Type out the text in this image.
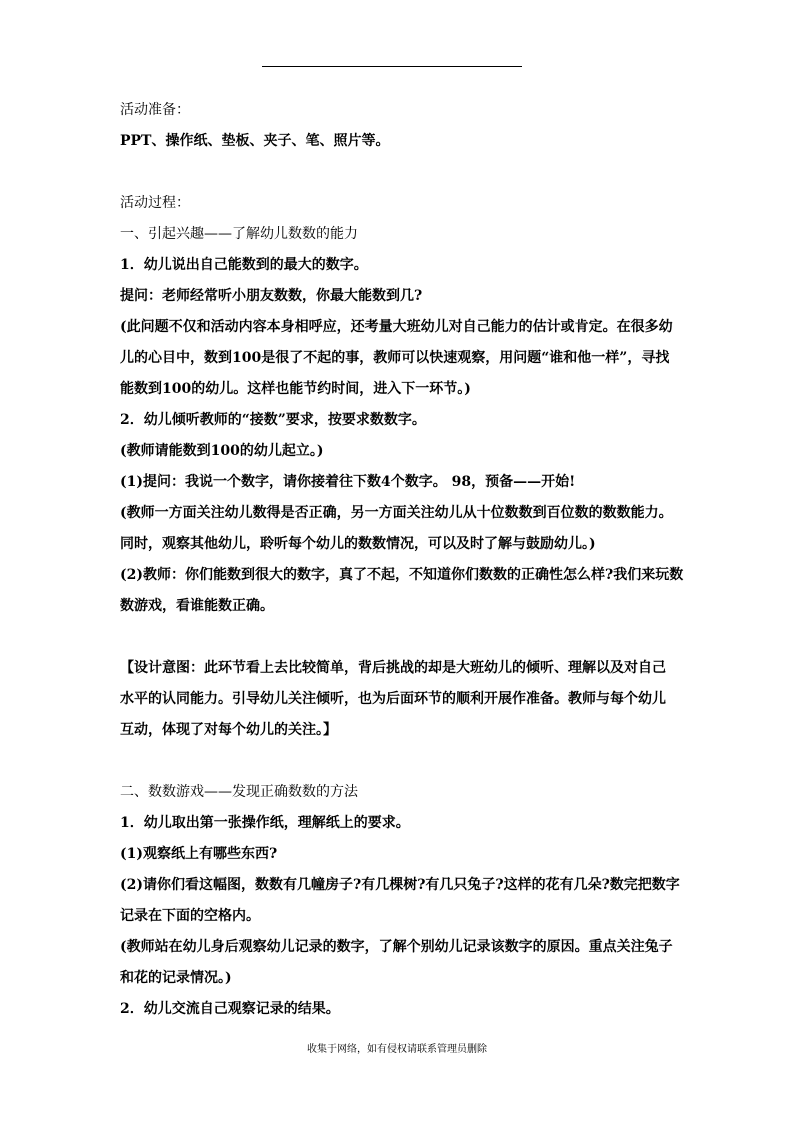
活动准备：
PPT、操作纸、垫板、夹子、笔、照片等。
活动过程：
一、引起兴趣——了解幼儿数数的能力
1．幼儿说出自己能数到的最大的数字。
提问：老师经常听小朋友数数，你最大能数到几?
(此问题不仅和活动内容本身相呼应，还考量大班幼儿对自己能力的估计或肯定。在很多幼
儿的心目中，数到100是很了不起的事，教师可以快速观察，用问题“谁和他一样”，寻找
能数到100的幼儿。这样也能节约时间，进入下一环节。)
2．幼儿倾听教师的“接数”要求，按要求数数字。
(教师请能数到100的幼儿起立。)
(1)提问：我说一个数字，请你接着往下数4个数字。 98，预备——开始!
(教师一方面关注幼儿数得是否正确，另一方面关注幼儿从十位数数到百位数的数数能力。
同时，观察其他幼儿，聆听每个幼儿的数数情况，可以及时了解与鼓励幼儿。)
(2)教师：你们能数到很大的数字，真了不起，不知道你们数数的正确性怎么样?我们来玩数
数游戏，看谁能数正确。
【设计意图：此环节看上去比较简单，背后挑战的却是大班幼儿的倾听、理解以及对自己
水平的认同能力。引导幼儿关注倾听，也为后面环节的顺利开展作准备。教师与每个幼儿
互动，体现了对每个幼儿的关注。】
二、数数游戏——发现正确数数的方法
1．幼儿取出第一张操作纸，理解纸上的要求。
(1)观察纸上有哪些东西?
(2)请你们看这幅图，数数有几幢房子?有几棵树?有几只兔子?这样的花有几朵?数完把数字
记录在下面的空格内。
(教师站在幼儿身后观察幼儿记录的数字，了解个别幼儿记录该数字的原因。重点关注兔子
和花的记录情况。)
2．幼儿交流自己观察记录的结果。
收集于网络，如有侵权请联系管理员删除
